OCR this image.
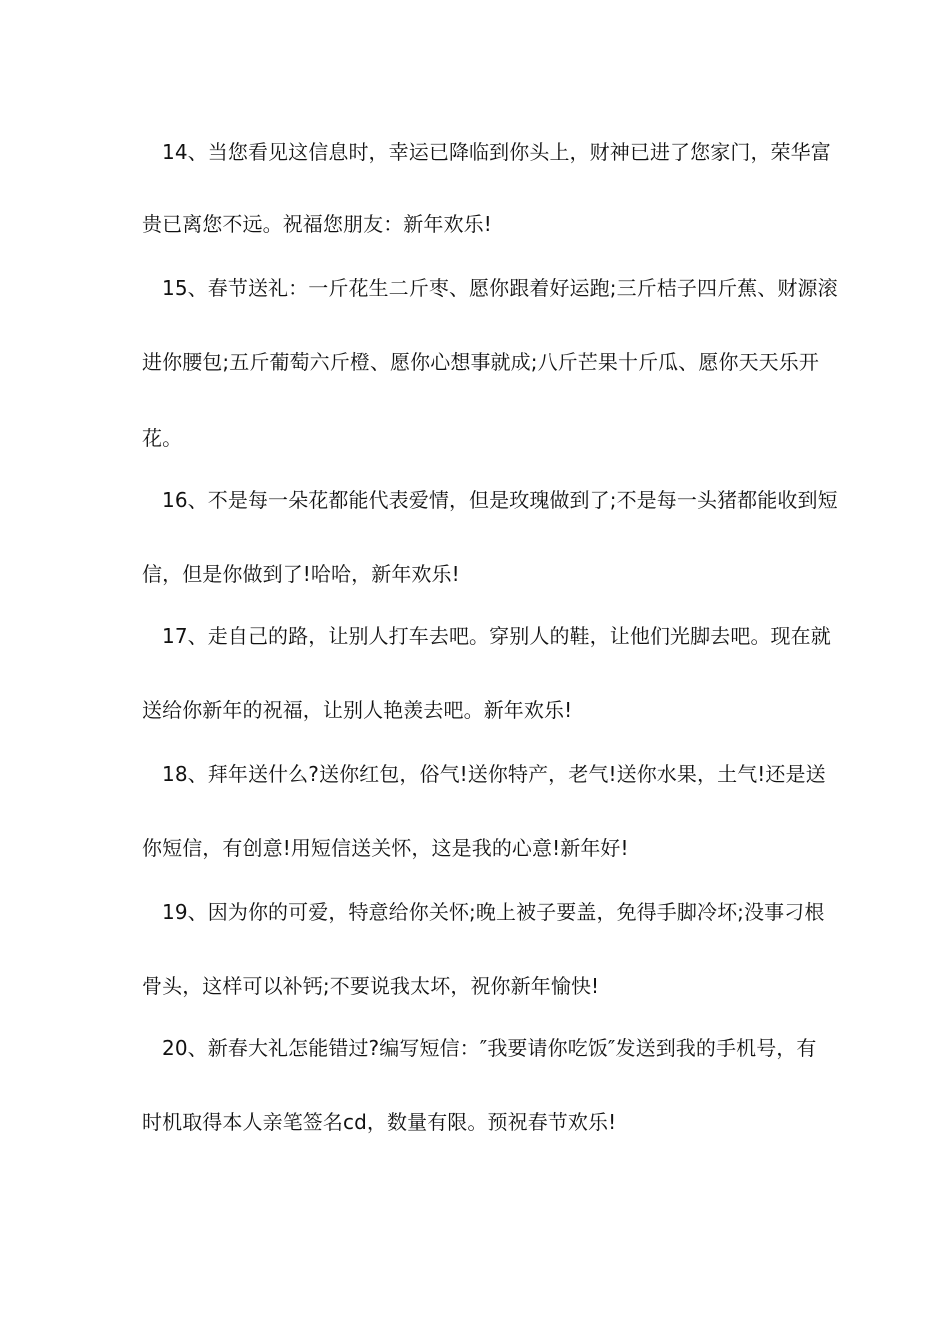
14、当您看见这信息时，幸运已降临到你头上，财神已进了您家门，荣华富
贵已离您不远。祝福您朋友：新年欢乐!
15、春节送礼：一斤花生二斤枣、愿你跟着好运跑;三斤桔子四斤蕉、财源滚
进你腰包;五斤葡萄六斤橙、愿你心想事就成;八斤芒果十斤瓜、愿你天天乐开
花。
16、不是每一朵花都能代表爱情，但是玫瑰做到了;不是每一头猪都能收到短
信，但是你做到了!哈哈，新年欢乐!
17、走自己的路，让别人打车去吧。穿别人的鞋，让他们光脚去吧。现在就
送给你新年的祝福，让别人艳羡去吧。新年欢乐!
18、拜年送什么?送你红包，俗气!送你特产，老气!送你水果，土气!还是送
你短信，有创意!用短信送关怀，这是我的心意!新年好!
19、因为你的可爱，特意给你关怀;晚上被子要盖，免得手脚冷坏;没事刁根
骨头，这样可以补钙;不要说我太坏，祝你新年愉快!
20、新春大礼怎能错过?编写短信：″我要请你吃饭″发送到我的手机号，有
时机取得本人亲笔签名cd，数量有限。预祝春节欢乐!
